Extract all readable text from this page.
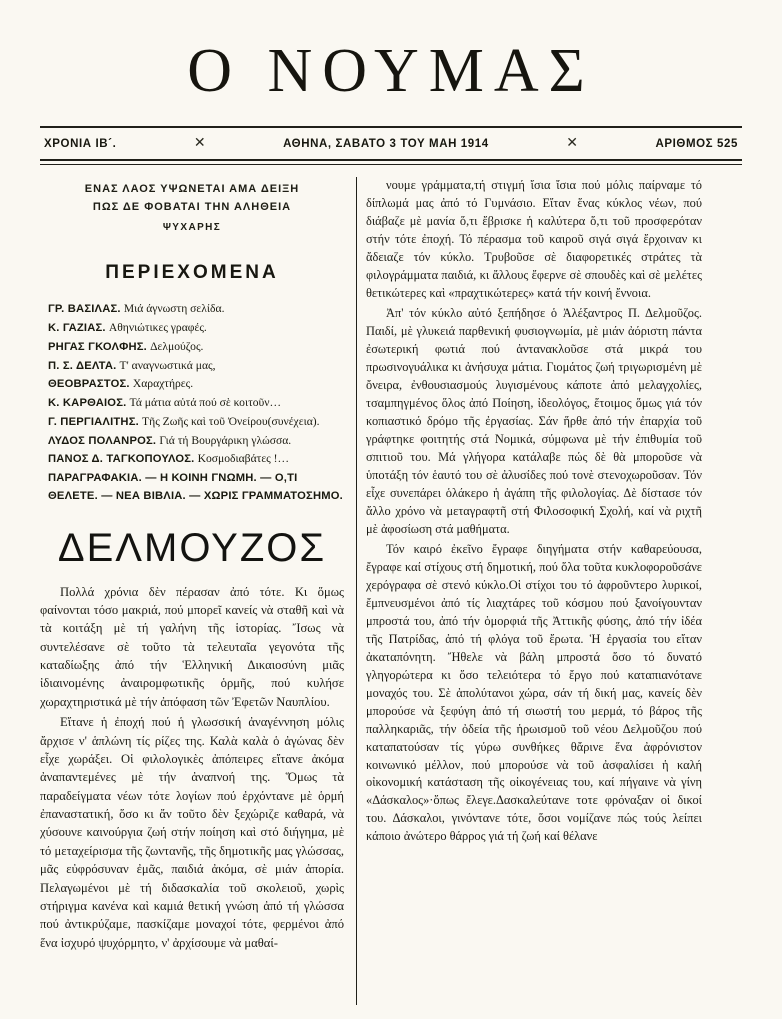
Ο ΝΟΥΜΑΣ
ΧΡΟΝΙΑ ΙΒ´.	✕	ΑΘΗΝΑ, ΣΑΒΑΤΟ 3 ΤΟΥ ΜΑΗ 1914	✕	ΑΡΙΘΜΟΣ 525
ΕΝΑΣ ΛΑΟΣ ΥΨΩΝΕΤΑΙ ΑΜΑ ΔΕΙΞΗ
ΠΩΣ ΔΕ ΦΟΒΑΤΑΙ ΤΗΝ ΑΛΗΘΕΙΑ
ΨΥΧΑΡΗΣ
ΠΕΡΙΕΧΟΜΕΝΑ
ΓΡ. ΒΑΣΙΛΑΣ. Μιά άγνωστη σελίδα.
Κ. ΓΑΖΙΑΣ. Αθηνιώτικες γραφές.
ΡΗΓΑΣ ΓΚΟΛΦΗΣ. Δελμούζος.
Π. Σ. ΔΕΛΤΑ. Τ' αναγνωστικά μας,
ΘΕΟΒΡΑΣΤΟΣ. Χαραχτήρες.
Κ. ΚΑΡΘΑΙΟΣ. Τά μάτια αὐτά πού σὲ κοιτοῦν…
Γ. ΠΕΡΓΙΑΛΙΤΗΣ. Τῆς Ζωῆς καὶ τοῦ Ὀνείρου(συνέχεια).
ΛΥΔΟΣ ΠΟΛΑΝΡΟΣ. Γιά τή Βουργάρικη γλώσσα.
ΠΑΝΟΣ Δ. ΤΑΓΚΟΠΟΥΛΟΣ. Κοσμοδιαβάτες !…
ΠΑΡΑΓΡΑΦΑΚΙΑ. — Η ΚΟΙΝΗ ΓΝΩΜΗ. — Ο,ΤΙ ΘΕΛΕΤΕ. — ΝΕΑ ΒΙΒΛΙΑ. — ΧΩΡΙΣ ΓΡΑΜΜΑΤΟΣΗΜΟ.
ΔΕΛΜΟΥΖΟΣ

Πολλά χρόνια δὲν πέρασαν ἀπό τότε. Κι ὅμως φαίνονται τόσο μακριά, πού μπορεῖ κανείς νὰ σταθῆ καὶ νὰ τὰ κοιτάξη μὲ τή γαλήνη τῆς ἱστορίας. Ἴσως νὰ συντελέσανε σὲ τοῦτο τὰ τελευταῖα γεγονότα τῆς καταδίωξης ἀπό τήν Ἑλληνική Δικαιοσύνη μιᾶς ἰδιαινομένης ἀναιρομφωτικῆς ὁρμῆς, πού κυλήσε χωραχτηριστικά μὲ τήν ἀπόφαση τῶν Ἐφετῶν Ναυπλίου.

Εἴτανε ἡ ἐποχή πού ἡ γλωσσική ἀναγέννηση μόλις ἄρχισε ν' ἁπλώνη τίς ρίζες της. Καλὰ καλὰ ὁ ἀγώνας δὲν εἶχε χωράξει. Οἱ φιλολογικὲς ἀπόπειρες εἴτανε ἀκόμα ἀναπαντεμένες μὲ τήν ἀναπνοή της. Ὅμως τὰ παραδείγματα νέων τότε λογίων πού ἐρχόντανε μὲ ὁρμή ἐπαναστατική, ὅσο κι ἄν τοῦτο δὲν ξεχώριζε καθαρά, νὰ χύσουνε καινούργια ζωή στήν ποίηση καὶ στό διήγημα, μὲ τό μεταχείρισμα τῆς ζωντανῆς, τῆς δημοτικῆς μας γλώσσας, μᾶς εὐφρόσυναν ἐμᾶς, παιδιά ἀκόμα, σὲ μιάν ἀπορία. Πελαγωμένοι μὲ τή διδασκαλία τοῦ σκολειοῦ, χωρὶς στήριγμα κανένα καὶ καμιά θετική γνώση ἀπό τή γλώσσα πού ἀντικρύζαμε, πασκίζαμε μοναχοί τότε, φερμένοι ἀπό ἕνα ἰσχυρό ψυχόρμητο, ν' ἀρχίσουμε νὰ μαθαί-

νουμε γράμματα,τή στιγμή ἴσια ἴσια πού μόλις παίρναμε τό δίπλωμά μας ἀπό τό Γυμνάσιο. Εἴταν ἕνας κύκλος νέων, πού διάβαζε μὲ μανία ὅ,τι ἔβρισκε ἡ καλύτερα ὅ,τι τοῦ προσφερόταν στήν τότε ἐποχή. Τό πέρασμα τοῦ καιροῦ σιγά σιγά ἔρχοιναν κι ἄδειαζε τόν κύκλο. Τρυβοῦσε σὲ διαφορετικές στράτες τὰ φιλογράμματα παιδιά, κι ἄλλους ἔφερνε σὲ σπουδὲς καὶ σὲ μελέτες θετικώτερες καὶ «πραχτικώτερες» κατά τήν κοινή ἔννοια.

Ἀπ' τόν κύκλο αὐτό ξεπήδησε ὁ Ἀλέξαντρος Π. Δελμοῦζος. Παιδί, μὲ γλυκειά παρθενική φυσιογνωμία, μὲ μιάν ἀόριστη πάντα ἐσωτερική φωτιά πού ἀντανακλοῦσε στά μικρά του πρωσινογυάλικα κι ἀνήσυχα μάτια. Γιομάτος ζωή τριγωρισμένη μὲ ὄνειρα, ἐνθουσιασμούς λυγισμένους κάποτε ἀπό μελαγχολίες, τσαμπηγμένος ὅλος ἀπό Ποίηση, ἰδεολόγος, ἕτοιμος ὅμως γιά τόν κοπιαστικό δρόμο τῆς ἐργασίας. Σάν ἥρθε ἀπό τήν ἐπαρχία τοῦ γράφτηκε φοιτητής στά Νομικά, σύμφωνα μὲ τήν ἐπιθυμία τοῦ σπιτιοῦ του. Μά γλήγορα κατάλαβε πώς δὲ θὰ μποροῦσε νὰ ὑποτάξη τόν ἑαυτό του σὲ ἀλυσίδες πού τονὲ στενοχωροῦσαν. Τόν εἶχε συνεπάρει ὁλάκερο ἡ ἀγάπη τῆς φιλολογίας. Δὲ δίστασε τόν ἄλλο χρόνο νὰ μεταγραφτῆ στή Φιλοσοφική Σχολή, καί νὰ ριχτῆ μὲ ἀφοσίωση στά μαθήματα.

Τόν καιρό ἐκεῖνο ἔγραφε διηγήματα στήν καθαρεύουσα, ἔγραφε καί στίχους στή δημοτική, πού ὅλα τοῦτα κυκλοφοροῦσάνε χερόγραφα σὲ στενό κύκλο.Οἱ στίχοι του τό ἀφροῦντερο λυρικοί, ἔμπνευσμένοι ἀπό τίς λιαχτάρες τοῦ κόσμου πού ξανοίγουνταν μπροστά του, ἀπό τήν ὁμορφιά τῆς Ἀττικῆς φύσης, ἀπό τήν ἰδέα τῆς Πατρίδας, ἀπό τή φλόγα τοῦ ἔρωτα. Ἡ ἐργασία του εἴταν ἀκαταπόνητη. Ἤθελε νὰ βάλη μπροστά ὅσο τό δυνατό γληγορώτερα κι ὅσο τελειότερα τό ἔργο πού καταπιανότανε μοναχός του. Σὲ ἀπολύτανοι χώρα, σάν τή δική μας, κανείς δὲν μπορούσε νὰ ξεφύγη ἀπό τή σιωστή του μερμά, τό βάρος τῆς παλληκαριᾶς, τήν ὀδεία τῆς ἡρωισμοῦ τοῦ νέου Δελμοῦζου πού καταπατούσαν τίς γύρω συνθήκες θἄρινε ἕνα ἀφρόνιστον κοινωνικό μέλλον, πού μπορούσε νὰ τοῦ ἀσφαλίσει ἡ καλή οἰκονομική κατάσταση τῆς οἰκογένειας του, καί πήγαινε νὰ γίνη «Δάσκαλος»·ὅπως ἔλεγε.Δασκαλεύτανε τοτε φρόναξαν οἱ δικοί του. Δάσκαλοι, γινόντανε τότε, ὅσοι νομίζανε πώς τούς λείπει κάποιο ἀνώτερο θάρρος γιά τή ζωή καί θέλανε
